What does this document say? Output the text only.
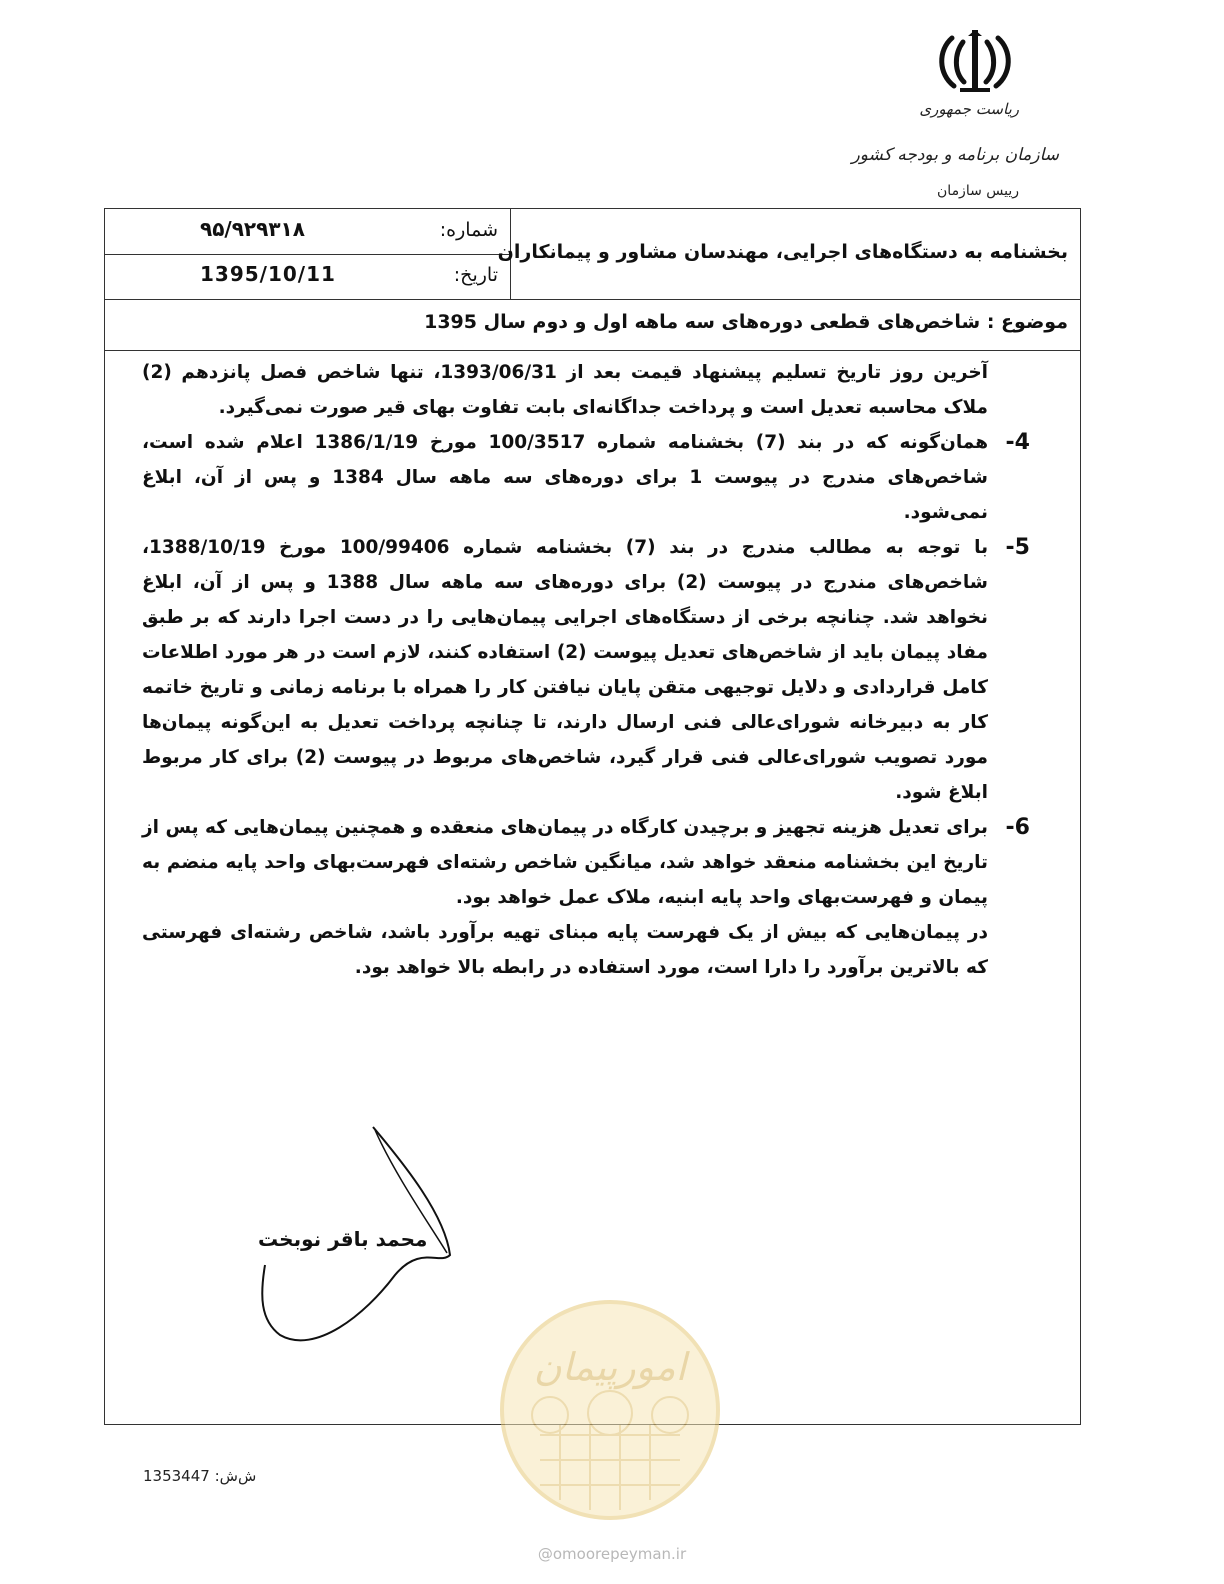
ریاست جمهوری
سازمان برنامه و بودجه کشور
رییس سازمان
شماره:
۹۵/۹۲۹۳۱۸
تاریخ:
1395/10/11
بخشنامه به دستگاه‌های اجرایی، مهندسان مشاور و پیمانکاران
موضوع : شاخص‌های قطعی دوره‌های سه ماهه اول و دوم سال 1395

آخرین روز تاریخ تسلیم پیشنهاد قیمت بعد از 1393/06/31، تنها شاخص فصل پانزدهم (2) ملاک محاسبه تعدیل است و پرداخت جداگانه‌ای بابت تفاوت بهای قیر صورت نمی‌گیرد.

-4

همان‌گونه که در بند (7) بخشنامه شماره 100/3517 مورخ 1386/1/19 اعلام شده است، شاخص‌های مندرج در پیوست 1 برای دوره‌های سه ماهه سال 1384 و پس از آن، ابلاغ نمی‌شود.

-5

با توجه به مطالب مندرج در بند (7) بخشنامه شماره 100/99406 مورخ 1388/10/19، شاخص‌های مندرج در پیوست (2) برای دوره‌های سه ماهه سال 1388 و پس از آن، ابلاغ نخواهد شد. چنانچه برخی از دستگاه‌های اجرایی پیمان‌هایی را در دست اجرا دارند که بر طبق مفاد پیمان باید از شاخص‌های تعدیل پیوست (2) استفاده کنند، لازم است در هر مورد اطلاعات کامل قراردادی و دلایل توجیهی متقن پایان نیافتن کار را همراه با برنامه زمانی و تاریخ خاتمه کار به دبیرخانه شورای‌عالی فنی ارسال دارند، تا چنانچه پرداخت تعدیل به این‌گونه پیمان‌ها مورد تصویب شورای‌عالی فنی قرار گیرد، شاخص‌های مربوط در پیوست (2) برای کار مربوط ابلاغ شود.

-6

برای تعدیل هزینه تجهیز و برچیدن کارگاه در پیمان‌های منعقده و همچنین پیمان‌هایی که پس از تاریخ این بخشنامه منعقد خواهد شد، میانگین شاخص رشته‌ای فهرست‌بهای واحد پایه منضم به پیمان و فهرست‌بهای واحد پایه ابنیه، ملاک عمل خواهد بود.

در پیمان‌هایی که بیش از یک فهرست پایه مبنای تهیه برآورد باشد، شاخص رشته‌ای فهرستی که بالاترین برآورد را دارا است، مورد استفاده در رابطه بالا خواهد بود.

محمد باقر نوبخت
امورپیمان
@omoorepeyman.ir
ش‌ش: 1353447
